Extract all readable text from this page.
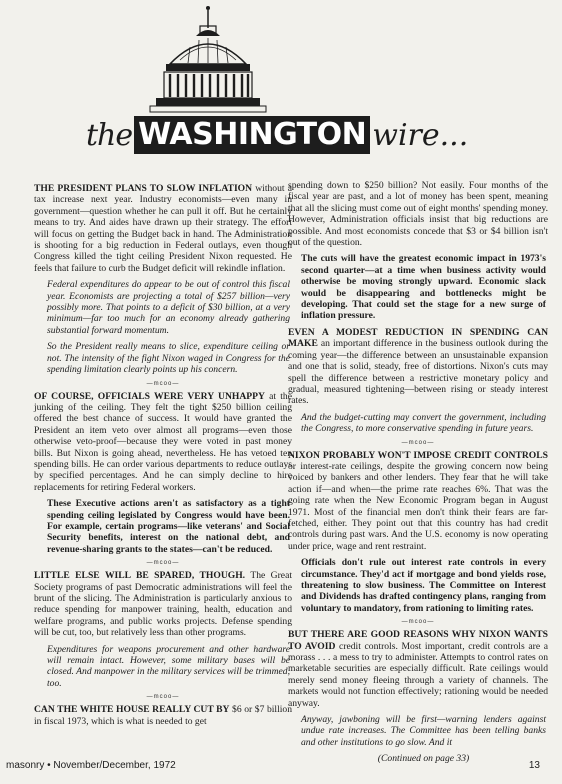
the WASHINGTON wire...

THE PRESIDENT PLANS TO SLOW INFLATION without a tax increase next year. Industry economists—even many in government—question whether he can pull it off. But he certainly means to try. And aides have drawn up their strategy. The effort will focus on getting the Budget back in hand. The Administration is shooting for a big reduction in Federal outlays, even though Congress killed the tight ceiling President Nixon requested. He feels that failure to curb the Budget deficit will rekindle inflation.

Federal expenditures do appear to be out of control this fiscal year. Economists are projecting a total of $257 billion—very possibly more. That points to a deficit of $30 billion, at a very minimum—far too much for an economy already gathering substantial forward momentum.

So the President really means to slice, expenditure ceiling or not. The intensity of the fight Nixon waged in Congress for the spending limitation clearly points up his concern.

—mcoo—

OF COURSE, OFFICIALS WERE VERY UNHAPPY at the junking of the ceiling. They felt the tight $250 billion ceiling offered the best chance of success. It would have granted the President an item veto over almost all programs—even those otherwise veto-proof—because they were voted in past money bills. But Nixon is going ahead, nevertheless. He has vetoed ten spending bills. He can order various departments to reduce outlays by specified percentages. And he can simply decline to hire replacements for retiring Federal workers.

These Executive actions aren't as satisfactory as a tight spending ceiling legislated by Congress would have been. For example, certain programs—like veterans' and Social Security benefits, interest on the national debt, and revenue-sharing grants to the states—can't be reduced.

—mcoo—

LITTLE ELSE WILL BE SPARED, THOUGH. The Great Society programs of past Democratic administrations will feel the brunt of the slicing. The Administration is particularly anxious to reduce spending for manpower training, health, education and welfare programs, and public works projects. Defense spending will be cut, too, but relatively less than other programs.

Expenditures for weapons procurement and other hardware will remain intact. However, some military bases will be closed. And manpower in the military services will be trimmed, too.

—mcoo—

CAN THE WHITE HOUSE REALLY CUT BY $6 or $7 billion in fiscal 1973, which is what is needed to get

spending down to $250 billion? Not easily. Four months of the fiscal year are past, and a lot of money has been spent, meaning that all the slicing must come out of eight months' spending money. However, Administration officials insist that big reductions are possible. And most economists concede that $3 or $4 billion isn't out of the question.

The cuts will have the greatest economic impact in 1973's second quarter—at a time when business activity would otherwise be moving strongly upward. Economic slack would be disappearing and bottlenecks might be developing. That could set the stage for a new surge of inflation pressure.

EVEN A MODEST REDUCTION IN SPENDING CAN MAKE an important difference in the business outlook during the coming year—the difference between an unsustainable expansion and one that is solid, steady, free of distortions. Nixon's cuts may spell the difference between a restrictive monetary policy and gradual, measured tightening—between rising or steady interest rates.

And the budget-cutting may convert the government, including the Congress, to more conservative spending in future years.

—mcoo—

NIXON PROBABLY WON'T IMPOSE CREDIT CONTROLS or interest-rate ceilings, despite the growing concern now being voiced by bankers and other lenders. They fear that he will take action if—and when—the prime rate reaches 6%. That was the going rate when the New Economic Program began in August 1971. Most of the financial men don't think their fears are far-fetched, either. They point out that this country has had credit controls during past wars. And the U.S. economy is now operating under price, wage and rent restraint.

Officials don't rule out interest rate controls in every circumstance. They'd act if mortgage and bond yields rose, threatening to slow business. The Committee on Interest and Dividends has drafted contingency plans, ranging from voluntary to mandatory, from rationing to limiting rates.

—mcoo—

BUT THERE ARE GOOD REASONS WHY NIXON WANTS TO AVOID credit controls. Most important, credit controls are a morass . . . a mess to try to administer. Attempts to control rates on marketable securities are especially difficult. Rate ceilings would merely send money fleeing through a variety of channels. The markets would not function effectively; rationing would be needed anyway.

Anyway, jawboning will be first—warning lenders against undue rate increases. The Committee has been telling banks and other institutions to go slow. And it

(Continued on page 33)

masonry • November/December, 1972	13
